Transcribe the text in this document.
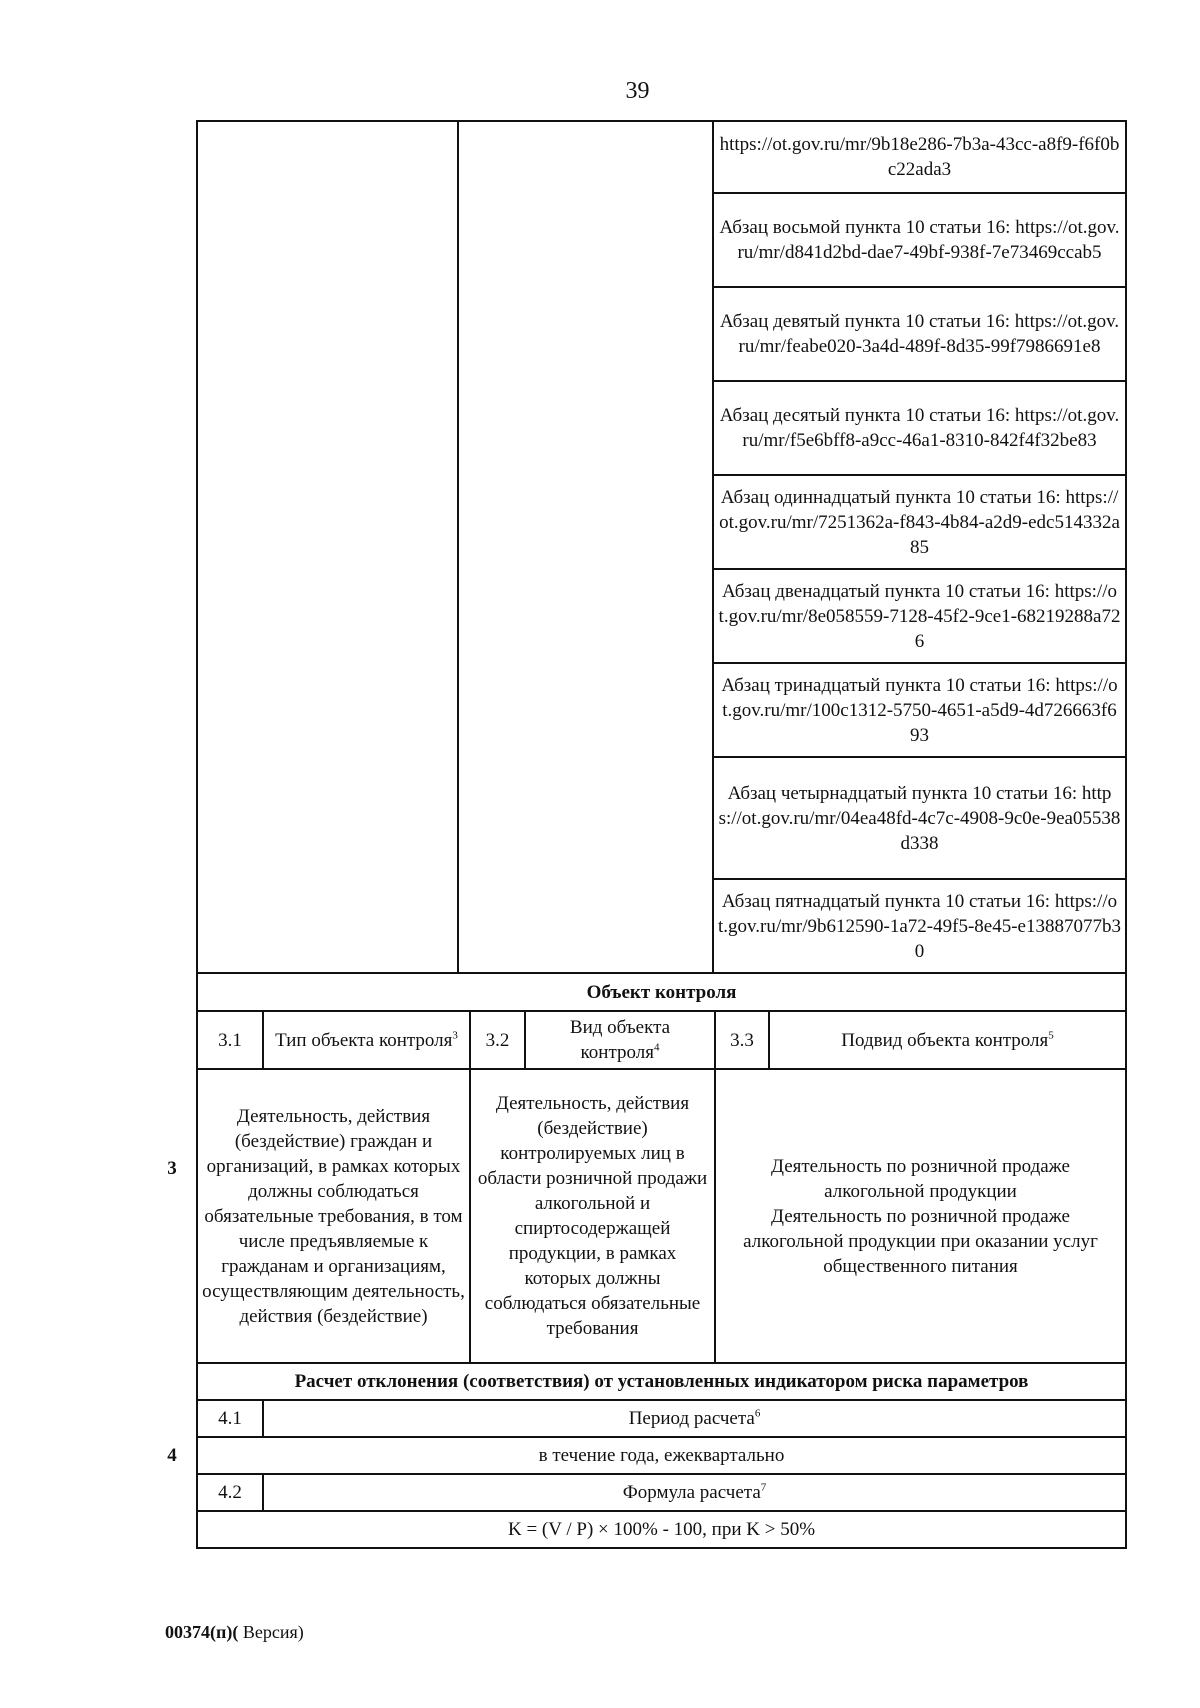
39
			https://ot.gov.ru/mr/9b18e286-7b3a-43cc-a8f9-f6f0bc22ada3
Абзац восьмой пункта 10 статьи 16: https://ot.gov.ru/mr/d841d2bd-dae7-49bf-938f-7e73469ccab5
Абзац девятый пункта 10 статьи 16: https://ot.gov.ru/mr/feabe020-3a4d-489f-8d35-99f7986691e8
Абзац десятый пункта 10 статьи 16: https://ot.gov.ru/mr/f5e6bff8-a9cc-46a1-8310-842f4f32be83
Абзац одиннадцатый пункта 10 статьи 16: https://ot.gov.ru/mr/7251362a-f843-4b84-a2d9-edc514332a85
Абзац двенадцатый пункта 10 статьи 16: https://ot.gov.ru/mr/8e058559-7128-45f2-9ce1-68219288a726
Абзац тринадцатый пункта 10 статьи 16: https://ot.gov.ru/mr/100c1312-5750-4651-a5d9-4d726663f693
Абзац четырнадцатый пункта 10 статьи 16: https://ot.gov.ru/mr/04ea48fd-4c7c-4908-9c0e-9ea05538d338
Абзац пятнадцатый пункта 10 статьи 16: https://ot.gov.ru/mr/9b612590-1a72-49f5-8e45-e13887077b30
3	Объект контроля					
	3.1	Тип объекта контроля$^3$	3.2	Вид объекта контроля$^4$	3.3	Подвид объекта контроля$^5$
	Деятельность, действия (бездействие) граждан и организаций, в рамках которых должны соблюдаться обязательные требования, в том числе предъявляемые к гражданам и организациям, осуществляющим деятельность, действия (бездействие)		Деятельность, действия (бездействие) контролируемых лиц в области розничной продажи алкогольной и спиртосодержащей продукции, в рамках которых должны соблюдаться обязательные требования		Деятельность по розничной продаже алкогольной продукции
Деятельность по розничной продаже алкогольной продукции при оказании услуг общественного питания	
4	Расчет отклонения (соответствия) от установленных индикатором риска параметров	
	4.1	Период расчета$^6$
	в течение года, ежеквартально	
	4.2	Формула расчета$^7$
	K = (V / P) × 100% - 100, при K > 50%	
00374(п)( Версия)
